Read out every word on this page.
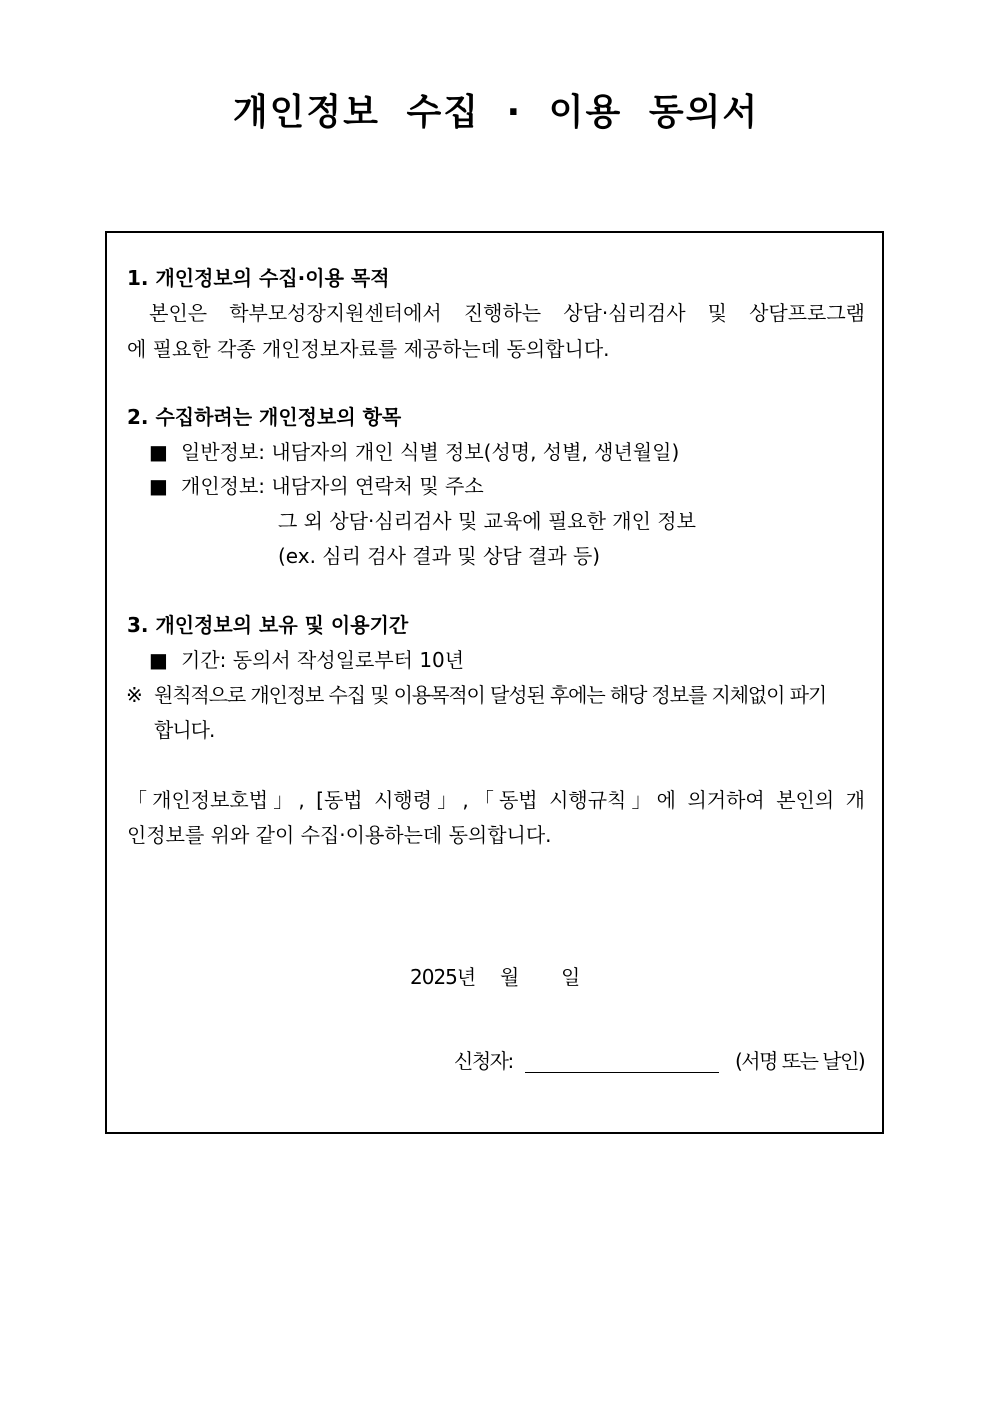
개인정보 수집 · 이용 동의서
1. 개인정보의 수집·이용 목적
본인은 학부모성장지원센터에서 진행하는 상담·심리검사 및 상담프로그램
에 필요한 각종 개인정보자료를 제공하는데 동의합니다.
2. 수집하려는 개인정보의 항목
■ 일반정보: 내담자의 개인 식별 정보(성명, 성별, 생년월일)
■ 개인정보: 내담자의 연락처 및 주소
그 외 상담·심리검사 및 교육에 필요한 개인 정보
(ex. 심리 검사 결과 및 상담 결과 등)
3. 개인정보의 보유 및 이용기간
■ 기간: 동의서 작성일로부터 10년
※ 원칙적으로 개인정보 수집 및 이용목적이 달성된 후에는 해당 정보를 지체없이 파기
합니다.
「개인정보호법」, [동법 시행령」,「동법 시행규칙」에 의거하여 본인의 개
인정보를 위와 같이 수집·이용하는데 동의합니다.
2025년 월 일
신청자:	(서명 또는 날인)
